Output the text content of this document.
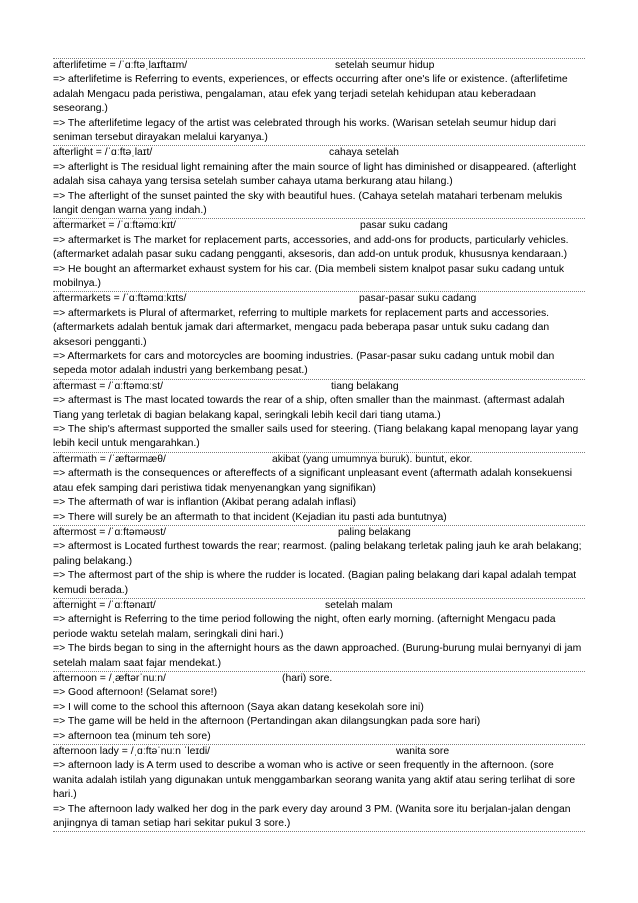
afterlifetime = /ˈɑːftəˌlaɪftaɪm/	setelah seumur hidup
=> afterlifetime is Referring to events, experiences, or effects occurring after one's life or existence. (afterlifetime adalah Mengacu pada peristiwa, pengalaman, atau efek yang terjadi setelah kehidupan atau keberadaan seseorang.)
=> The afterlifetime legacy of the artist was celebrated through his works. (Warisan setelah seumur hidup dari seniman tersebut dirayakan melalui karyanya.)
afterlight = /ˈɑːftəˌlaɪt/	cahaya setelah
=> afterlight is The residual light remaining after the main source of light has diminished or disappeared. (afterlight adalah sisa cahaya yang tersisa setelah sumber cahaya utama berkurang atau hilang.)
=> The afterlight of the sunset painted the sky with beautiful hues. (Cahaya setelah matahari terbenam melukis langit dengan warna yang indah.)
aftermarket = /ˈɑːftəmɑːkɪt/	pasar suku cadang
=> aftermarket is The market for replacement parts, accessories, and add-ons for products, particularly vehicles. (aftermarket adalah pasar suku cadang pengganti, aksesoris, dan add-on untuk produk, khususnya kendaraan.)
=> He bought an aftermarket exhaust system for his car. (Dia membeli sistem knalpot pasar suku cadang untuk mobilnya.)
aftermarkets = /ˈɑːftəmɑːkɪts/	pasar-pasar suku cadang
=> aftermarkets is Plural of aftermarket, referring to multiple markets for replacement parts and accessories. (aftermarkets adalah bentuk jamak dari aftermarket, mengacu pada beberapa pasar untuk suku cadang dan aksesori pengganti.)
=> Aftermarkets for cars and motorcycles are booming industries. (Pasar-pasar suku cadang untuk mobil dan sepeda motor adalah industri yang berkembang pesat.)
aftermast = /ˈɑːftəmɑːst/	tiang belakang
=> aftermast is The mast located towards the rear of a ship, often smaller than the mainmast. (aftermast adalah Tiang yang terletak di bagian belakang kapal, seringkali lebih kecil dari tiang utama.)
=> The ship's aftermast supported the smaller sails used for steering. (Tiang belakang kapal menopang layar yang lebih kecil untuk mengarahkan.)
aftermath = /ˈæftərmæθ/	akibat (yang umumnya buruk). buntut, ekor.
=> aftermath is the consequences or aftereffects of a significant unpleasant event (aftermath adalah konsekuensi atau efek samping dari peristiwa tidak menyenangkan yang signifikan)
=> The aftermath of war is inflantion (Akibat perang adalah inflasi)
=> There will surely be an aftermath to that incident (Kejadian itu pasti ada buntutnya)
aftermost = /ˈɑːftəməʊst/	paling belakang
=> aftermost is Located furthest towards the rear; rearmost. (paling belakang terletak paling jauh ke arah belakang; paling belakang.)
=> The aftermost part of the ship is where the rudder is located. (Bagian paling belakang dari kapal adalah tempat kemudi berada.)
afternight = /ˈɑːftənaɪt/	setelah malam
=> afternight is Referring to the time period following the night, often early morning. (afternight Mengacu pada periode waktu setelah malam, seringkali dini hari.)
=> The birds began to sing in the afternight hours as the dawn approached. (Burung-burung mulai bernyanyi di jam setelah malam saat fajar mendekat.)
afternoon = /ˌæftərˈnuːn/	(hari) sore.
=> Good afternoon! (Selamat sore!)
=> I will come to the school this afternoon (Saya akan datang kesekolah sore ini)
=> The game will be held in the afternoon (Pertandingan akan dilangsungkan pada sore hari)
=> afternoon tea (minum teh sore)
afternoon lady = /ˌɑːftəˈnuːn ˈleɪdi/	wanita sore
=> afternoon lady is A term used to describe a woman who is active or seen frequently in the afternoon. (sore wanita adalah istilah yang digunakan untuk menggambarkan seorang wanita yang aktif atau sering terlihat di sore hari.)
=> The afternoon lady walked her dog in the park every day around 3 PM. (Wanita sore itu berjalan-jalan dengan anjingnya di taman setiap hari sekitar pukul 3 sore.)
